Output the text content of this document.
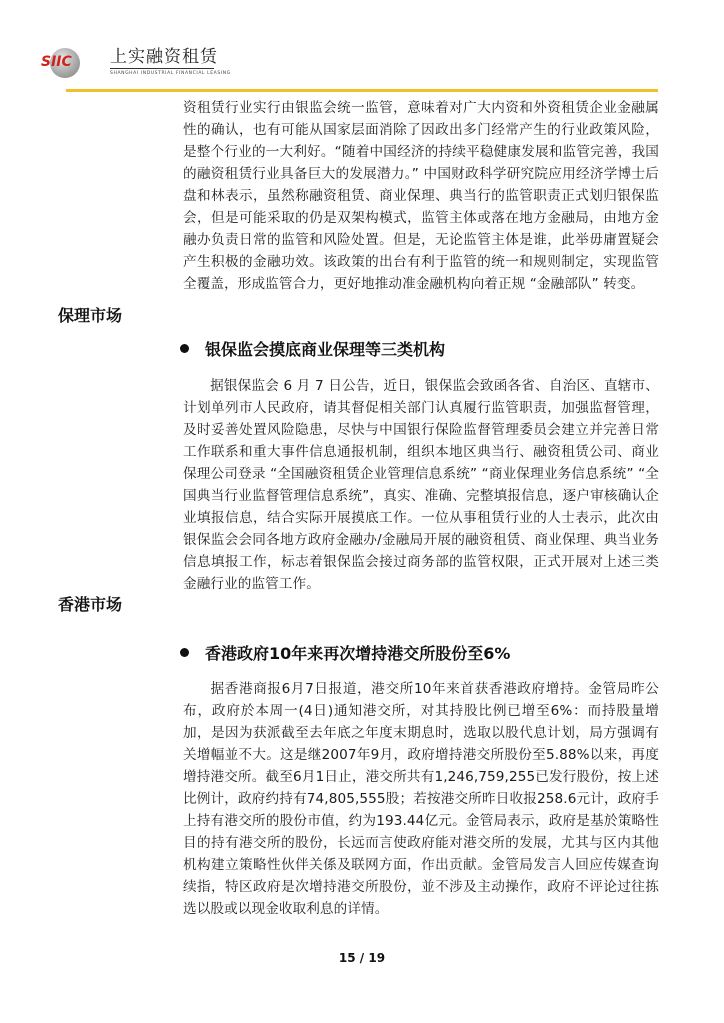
SIIC	上实融资租赁
SHANGHAI INDUSTRIAL FINANCIAL LEASING
资租赁行业实行由银监会统一监管，意味着对广大内资和外资租赁企业金融属性的确认，也有可能从国家层面消除了因政出多门经常产生的行业政策风险，是整个行业的一大利好。“随着中国经济的持续平稳健康发展和监管完善，我国的融资租赁行业具备巨大的发展潜力。” 中国财政科学研究院应用经济学博士后盘和林表示，虽然称融资租赁、商业保理、典当行的监管职责正式划归银保监会，但是可能采取的仍是双架构模式，监管主体或落在地方金融局，由地方金融办负责日常的监管和风险处置。但是，无论监管主体是谁，此举毋庸置疑会产生积极的金融功效。该政策的出台有利于监管的统一和规则制定，实现监管全覆盖，形成监管合力，更好地推动准金融机构向着正规 “金融部队” 转变。
保理市场
银保监会摸底商业保理等三类机构
据银保监会 6 月 7 日公告，近日，银保监会致函各省、自治区、直辖市、计划单列市人民政府，请其督促相关部门认真履行监管职责，加强监督管理，及时妥善处置风险隐患，尽快与中国银行保险监督管理委员会建立并完善日常工作联系和重大事件信息通报机制，组织本地区典当行、融资租赁公司、商业保理公司登录 “全国融资租赁企业管理信息系统” “商业保理业务信息系统” “全国典当行业监督管理信息系统”，真实、准确、完整填报信息，逐户审核确认企业填报信息，结合实际开展摸底工作。一位从事租赁行业的人士表示，此次由银保监会会同各地方政府金融办/金融局开展的融资租赁、商业保理、典当业务信息填报工作，标志着银保监会接过商务部的监管权限，正式开展对上述三类金融行业的监管工作。
香港市场
香港政府10年来再次增持港交所股份至6%
据香港商报6月7日报道，港交所10年来首获香港政府增持。金管局昨公布，政府於本周一(4日)通知港交所，对其持股比例已增至6%：而持股量增加，是因为获派截至去年底之年度末期息时，选取以股代息计划，局方强调有关增幅並不大。这是继2007年9月，政府增持港交所股份至5.88%以来，再度增持港交所。截至6月1日止，港交所共有1,246,759,255已发行股份，按上述比例计，政府约持有74,805,555股；若按港交所昨日收报258.6元计，政府手上持有港交所的股份市值，约为193.44亿元。金管局表示，政府是基於策略性目的持有港交所的股份，长远而言使政府能对港交所的发展，尤其与区内其他机构建立策略性伙伴关係及联网方面，作出贡献。金管局发言人回应传媒查询续指，特区政府是次增持港交所股份，並不涉及主动操作，政府不评论过往拣选以股或以现金收取利息的详情。
15 / 19
